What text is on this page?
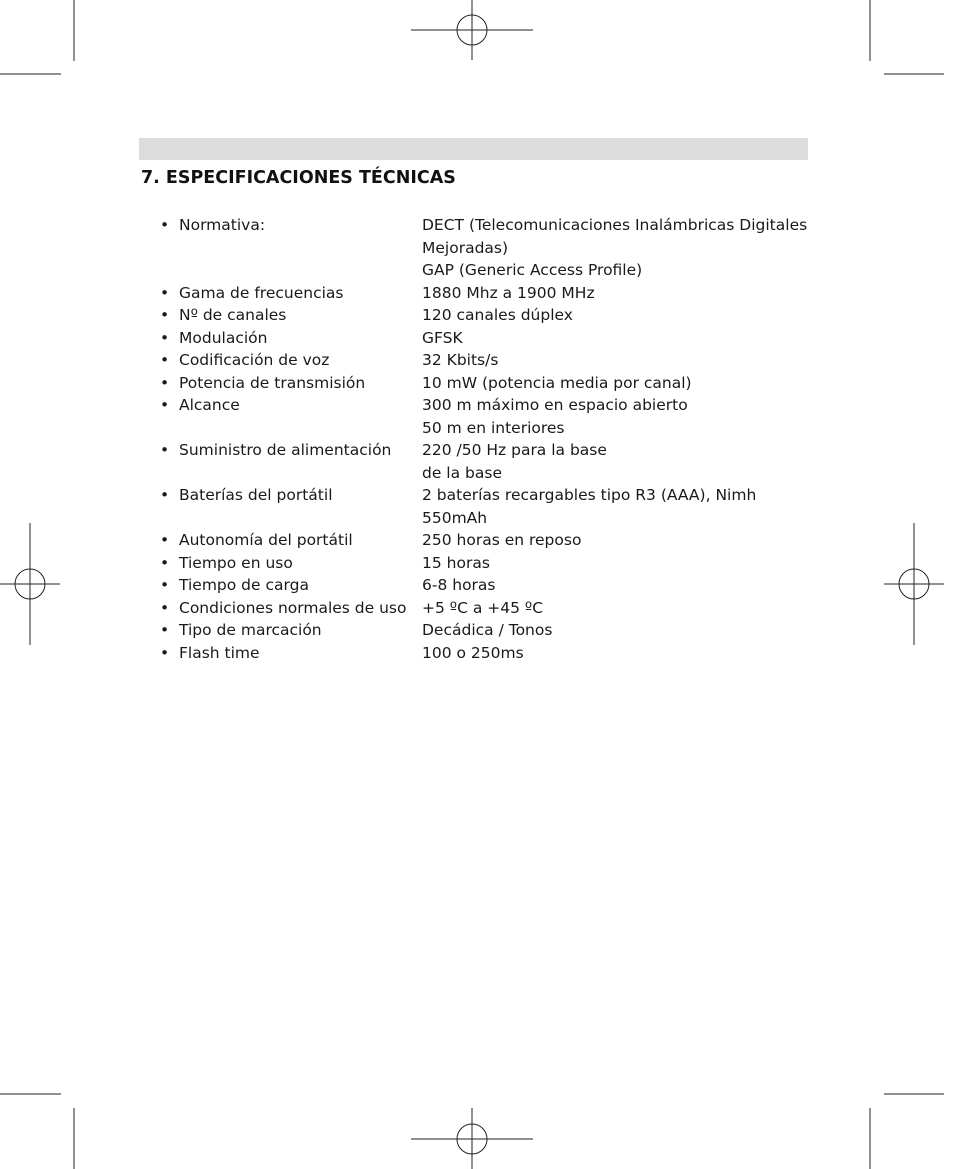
7. ESPECIFICACIONES TÉCNICAS
• Normativa:	DECT (Telecomunicaciones Inalámbricas Digitales
Mejoradas)
GAP (Generic Access Profile)
• Gama de frecuencias	1880 Mhz a 1900 MHz
• Nº de canales	120 canales dúplex
• Modulación	GFSK
• Codificación de voz	32 Kbits/s
• Potencia de transmisión	10 mW (potencia media por canal)
• Alcance	300 m máximo en espacio abierto
50 m en interiores
• Suministro de alimentación	220 /50 Hz para la base
de la base
• Baterías del portátil	2 baterías recargables tipo R3 (AAA), Nimh
550mAh
• Autonomía del portátil	250 horas en reposo
• Tiempo en uso	15 horas
• Tiempo de carga	6-8 horas
• Condiciones normales de uso	+5 ºC a +45 ºC
• Tipo de marcación	Decádica / Tonos
• Flash time	100 o 250ms
